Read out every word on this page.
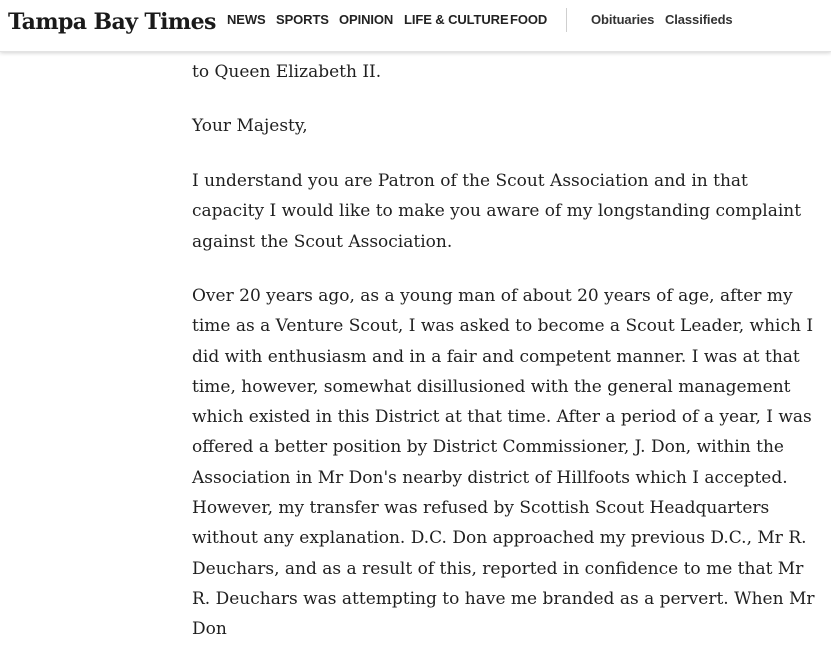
Tampa Bay Times NEWS SPORTS OPINION LIFE & CULTURE FOOD	Obituaries Classifieds

to Queen Elizabeth II.

Your Majesty,

I understand you are Patron of the Scout Association and in that capacity I would like to make you aware of my longstanding complaint against the Scout Association.

Over 20 years ago, as a young man of about 20 years of age, after my time as a Venture Scout, I was asked to become a Scout Leader, which I did with enthusiasm and in a fair and competent manner. I was at that time, however, somewhat disillusioned with the general management which existed in this District at that time. After a period of a year, I was offered a better position by District Commissioner, J. Don, within the Association in Mr Don's nearby district of Hillfoots which I accepted. However, my transfer was refused by Scottish Scout Headquarters without any explanation. D.C. Don approached my previous D.C., Mr R. Deuchars, and as a result of this, reported in confidence to me that Mr R. Deuchars was attempting to have me branded as a pervert. When Mr Don
